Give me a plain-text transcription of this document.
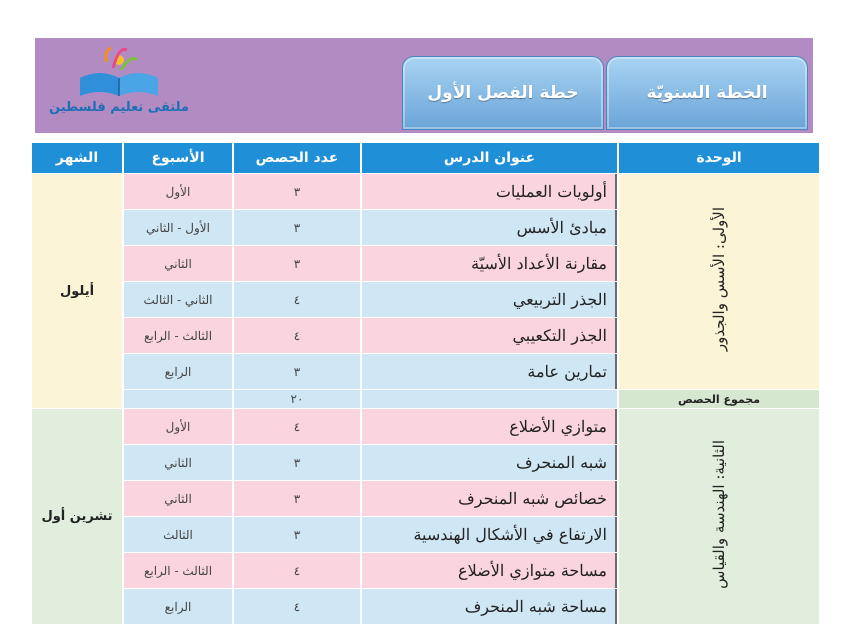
ملتقى تعليم فلسطين
خطة الفصل الأول	الخطة السنويّة
الوحدة	عنوان الدرس	عدد الحصص	الأسبوع	الشهر
الأولى: الأسس والجذور	أولويات العمليات	٣	الأول	أيلول
	مبادئ الأسس	٣	الأول - الثاني	
	مقارنة الأعداد الأسيّة	٣	الثاني	
	الجذر التربيعي	٤	الثاني - الثالث	
	الجذر التكعيبي	٤	الثالث - الرابع	
	تمارين عامة	٣	الرابع	
مجموع الحصص		٢٠		
الثانية: الهندسة والقياس	متوازي الأضلاع	٤	الأول	تشرين أول
	شبه المنحرف	٣	الثاني	
	خصائص شبه المنحرف	٣	الثاني	
	الارتفاع في الأشكال الهندسية	٣	الثالث	
	مساحة متوازي الأضلاع	٤	الثالث - الرابع	
	مساحة شبه المنحرف	٤	الرابع	
